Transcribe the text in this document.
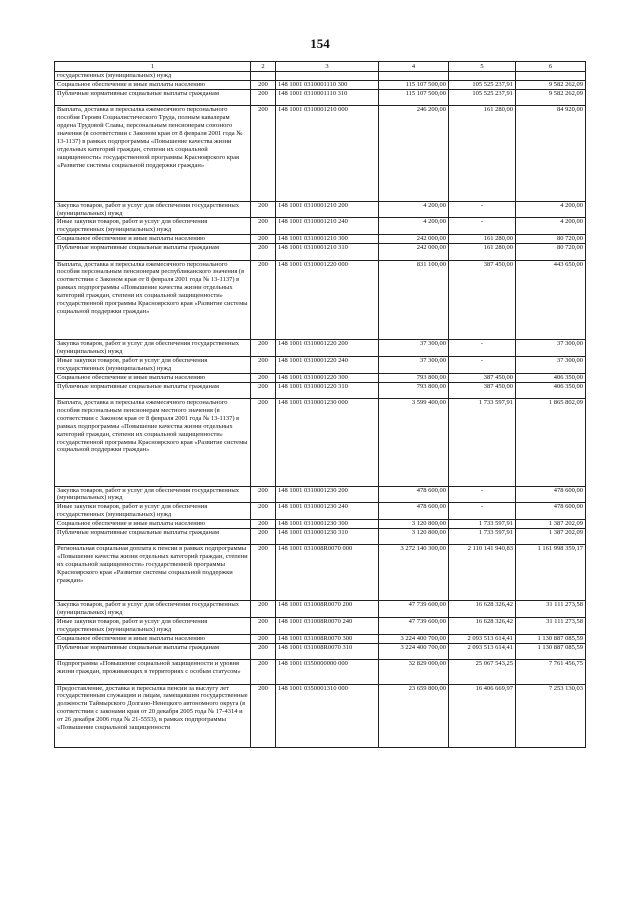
154
1	2	3	4	5	6
государственных (муниципальных) нужд					
Социальное обеспечение и иные выплаты населению	200	148 1001 0310001110 300	115 107 500,00	105 525 237,91	9 582 262,09
Публичные нормативные социальные выплаты гражданам	200	148 1001 0310001110 310	115 107 500,00	105 525 237,91	9 582 262,09
Выплата, доставка и пересылка ежемесячного персонального пособия Героям Социалистического Труда, полным кавалерам ордена Трудовой Славы, персональным пенсионерам союзного значения (в соответствии с Законом края от 8 февраля 2001 года № 13-1137) в рамках подпрограммы «Повышение качества жизни отдельных категорий граждан, степени их социальной защищенности» государственной программы Красноярского края «Развитие системы социальной поддержки граждан»	200	148 1001 0310001210 000	246 200,00	161 280,00	84 920,00
Закупка товаров, работ и услуг для обеспечения государственных (муниципальных) нужд	200	148 1001 0310001210 200	4 200,00	-	4 200,00
Иные закупки товаров, работ и услуг для обеспечения государственных (муниципальных) нужд	200	148 1001 0310001210 240	4 200,00	-	4 200,00
Социальное обеспечение и иные выплаты населению	200	148 1001 0310001210 300	242 000,00	161 280,00	80 720,00
Публичные нормативные социальные выплаты гражданам	200	148 1001 0310001210 310	242 000,00	161 280,00	80 720,00
Выплата, доставка и пересылка ежемесячного персонального пособия персональным пенсионерам республиканского значения (в соответствии с Законом края от 8 февраля 2001 года № 13-1137) в рамках подпрограммы «Повышение качества жизни отдельных категорий граждан, степени их социальной защищенности» государственной программы Красноярского края «Развитие системы социальной поддержки граждан»	200	148 1001 0310001220 000	831 100,00	387 450,00	443 650,00
Закупка товаров, работ и услуг для обеспечения государственных (муниципальных) нужд	200	148 1001 0310001220 200	37 300,00	-	37 300,00
Иные закупки товаров, работ и услуг для обеспечения государственных (муниципальных) нужд	200	148 1001 0310001220 240	37 300,00	-	37 300,00
Социальное обеспечение и иные выплаты населению	200	148 1001 0310001220 300	793 800,00	387 450,00	406 350,00
Публичные нормативные социальные выплаты гражданам	200	148 1001 0310001220 310	793 800,00	387 450,00	406 350,00
Выплата, доставка и пересылка ежемесячного персонального пособия персональным пенсионерам местного значения (в соответствии с Законом края от 8 февраля 2001 года № 13-1137) в рамках подпрограммы «Повышение качества жизни отдельных категорий граждан, степени их социальной защищенности» государственной программы Красноярского края «Развитие системы социальной поддержки граждан»	200	148 1001 0310001230 000	3 599 400,00	1 733 597,91	1 865 802,09
Закупка товаров, работ и услуг для обеспечения государственных (муниципальных) нужд	200	148 1001 0310001230 200	478 600,00	-	478 600,00
Иные закупки товаров, работ и услуг для обеспечения государственных (муниципальных) нужд	200	148 1001 0310001230 240	478 600,00	-	478 600,00
Социальное обеспечение и иные выплаты населению	200	148 1001 0310001230 300	3 120 800,00	1 733 597,91	1 387 202,09
Публичные нормативные социальные выплаты гражданам	200	148 1001 0310001230 310	3 120 800,00	1 733 597,91	1 387 202,09
Региональная социальная доплата к пенсии в рамках подпрограммы «Повышение качества жизни отдельных категорий граждан, степени их социальной защищенности» государственной программы Красноярского края «Развитие системы социальной поддержки граждан»	200	148 1001 031008R0070 000	3 272 140 300,00	2 110 141 940,83	1 161 998 359,17
Закупка товаров, работ и услуг для обеспечения государственных (муниципальных) нужд	200	148 1001 031008R0070 200	47 739 600,00	16 628 326,42	31 111 273,58
Иные закупки товаров, работ и услуг для обеспечения государственных (муниципальных) нужд	200	148 1001 031008R0070 240	47 739 600,00	16 628 326,42	31 111 273,58
Социальное обеспечение и иные выплаты населению	200	148 1001 031008R0070 300	3 224 400 700,00	2 093 513 614,41	1 130 887 085,59
Публичные нормативные социальные выплаты гражданам	200	148 1001 031008R0070 310	3 224 400 700,00	2 093 513 614,41	1 130 887 085,59
Подпрограмма «Повышение социальной защищенности и уровня жизни граждан, проживающих в территориях с особым статусом»	200	148 1001 0350000000 000	32 829 000,00	25 067 543,25	7 761 456,75
Предоставление, доставка и пересылка пенсии за выслугу лет государственным служащим и лицам, замещавшим государственные должности Таймырского Долгано-Ненецкого автономного округа (в соответствии с законами края от 20 декабря 2005 года № 17-4314 и от 26 декабря 2006 года № 21-5553), в рамках подпрограммы «Повышение социальной защищенности	200	148 1001 0350001310 000	23 659 800,00	16 406 669,97	7 253 130,03
